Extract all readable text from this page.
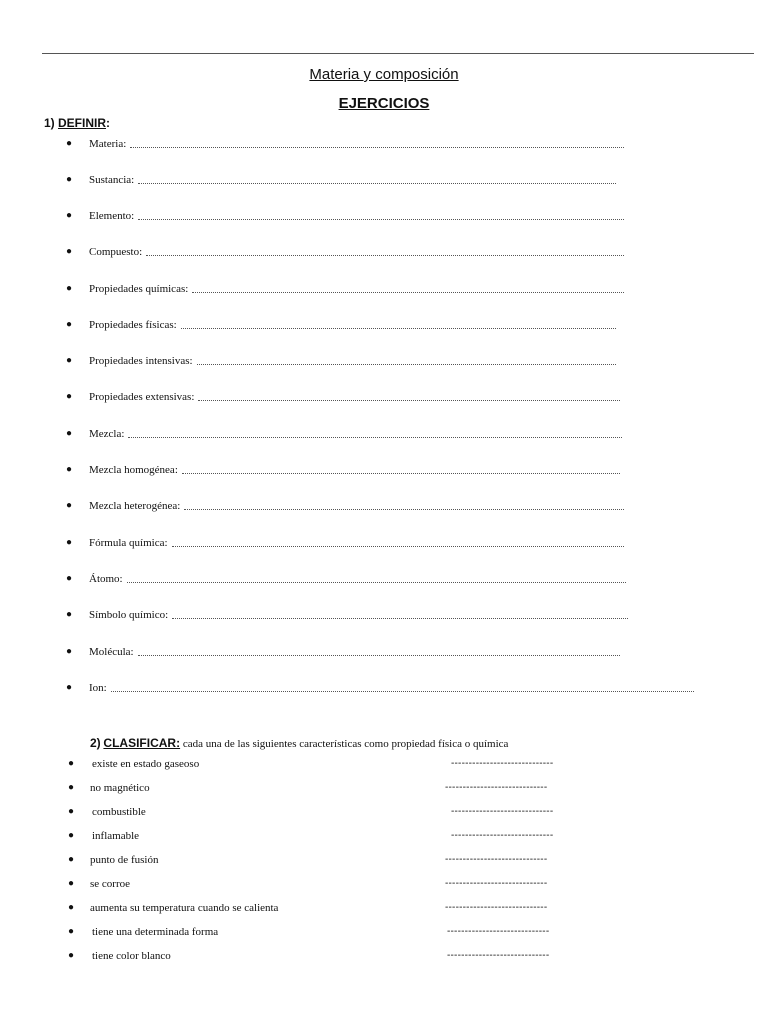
Materia y composición
EJERCICIOS
1) DEFINIR:
● Materia:
● Sustancia:
● Elemento:
● Compuesto:
● Propiedades químicas:
● Propiedades físicas:
● Propiedades intensivas:
● Propiedades extensivas:
● Mezcla:
● Mezcla homogénea:
● Mezcla heterogénea:
● Fórmula química:
● Átomo:
● Símbolo químico:
● Molécula:
● Ion:
2) CLASIFICAR: cada una de las siguientes características como propiedad física o química
● existe en estado gaseoso	-----------------------------
● no magnético	-----------------------------
● combustible	-----------------------------
● inflamable	-----------------------------
● punto de fusión	-----------------------------
● se corroe	-----------------------------
● aumenta su temperatura cuando se calienta	-----------------------------
● tiene una determinada forma	-----------------------------
● tiene color blanco	-----------------------------
